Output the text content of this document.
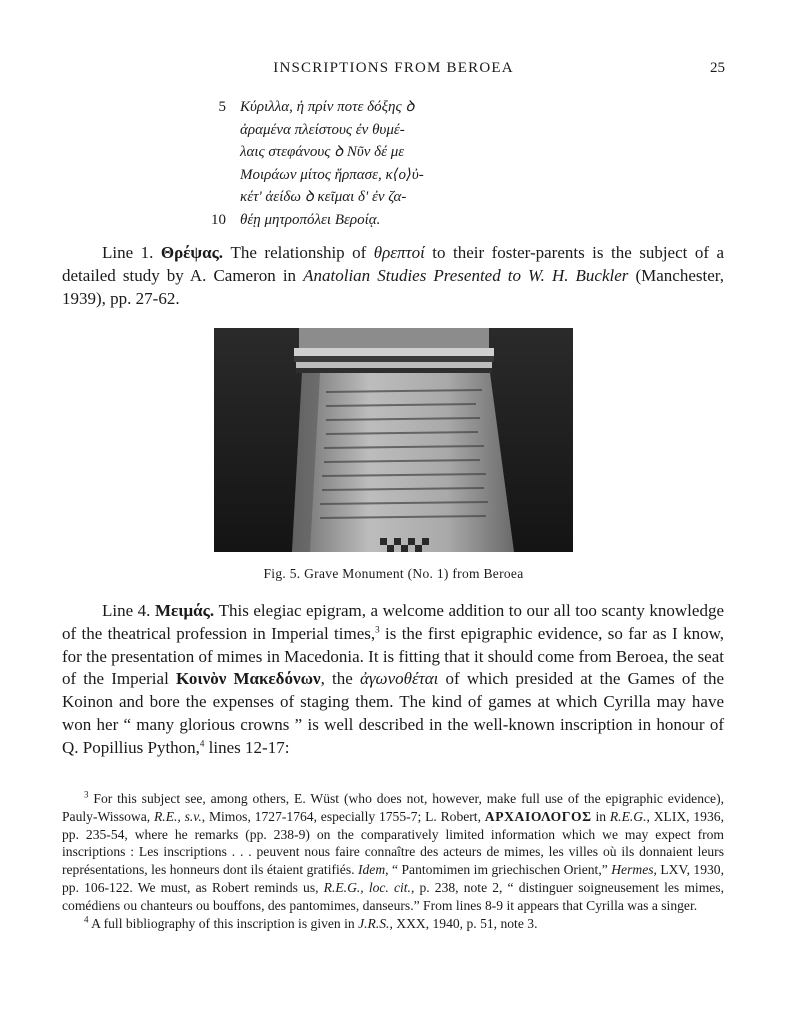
INSCRIPTIONS FROM BEROEA	25
5 Κύριλλα, ἡ πρίν ποτε δόξης ꝺ
ἀραμένα πλείστους ἐν θυμέ-
λαις στεφάνους ꝺ Νῦν δέ με
Μοιράων μίτος ἥρπασε, κ⟨ο⟩ὐ-
κέτ' ἀείδω ꝺ κεῖμαι δ' ἐν ζα-
10 θέῃ μητροπόλει Βεροίᾳ.
Line 1. Θρέψας. The relationship of θρεπτοί to their foster-parents is the subject of a detailed study by A. Cameron in Anatolian Studies Presented to W. H. Buckler (Manchester, 1939), pp. 27-62.
Fig. 5. Grave Monument (No. 1) from Beroea
Line 4. Μειμάς. This elegiac epigram, a welcome addition to our all too scanty knowledge of the theatrical profession in Imperial times,$^3$ is the first epigraphic evidence, so far as I know, for the presentation of mimes in Macedonia. It is fitting that it should come from Beroea, the seat of the Imperial Κοινὸν Μακεδόνων, the ἀγωνοθέται of which presided at the Games of the Koinon and bore the expenses of staging them. The kind of games at which Cyrilla may have won her “ many glorious crowns ” is well described in the well-known inscription in honour of Q. Popillius Python,$^4$ lines 12-17:
$^3$ For this subject see, among others, E. Wüst (who does not, however, make full use of the epigraphic evidence), Pauly-Wissowa, R.E., s.v., Mimos, 1727-1764, especially 1755-7; L. Robert, ΑΡΧΑΙΟΛΟΓΟΣ in R.E.G., XLIX, 1936, pp. 235-54, where he remarks (pp. 238-9) on the comparatively limited information which we may expect from inscriptions : Les inscriptions . . . peuvent nous faire connaître des acteurs de mimes, les villes où ils donnaient leurs représentations, les honneurs dont ils étaient gratifiés. Idem, “ Pantomimen im griechischen Orient,” Hermes, LXV, 1930, pp. 106-122. We must, as Robert reminds us, R.E.G., loc. cit., p. 238, note 2, “ distinguer soigneusement les mimes, comédiens ou chanteurs ou bouffons, des pantomimes, danseurs.” From lines 8-9 it appears that Cyrilla was a singer.
$^4$ A full bibliography of this inscription is given in J.R.S., XXX, 1940, p. 51, note 3.
